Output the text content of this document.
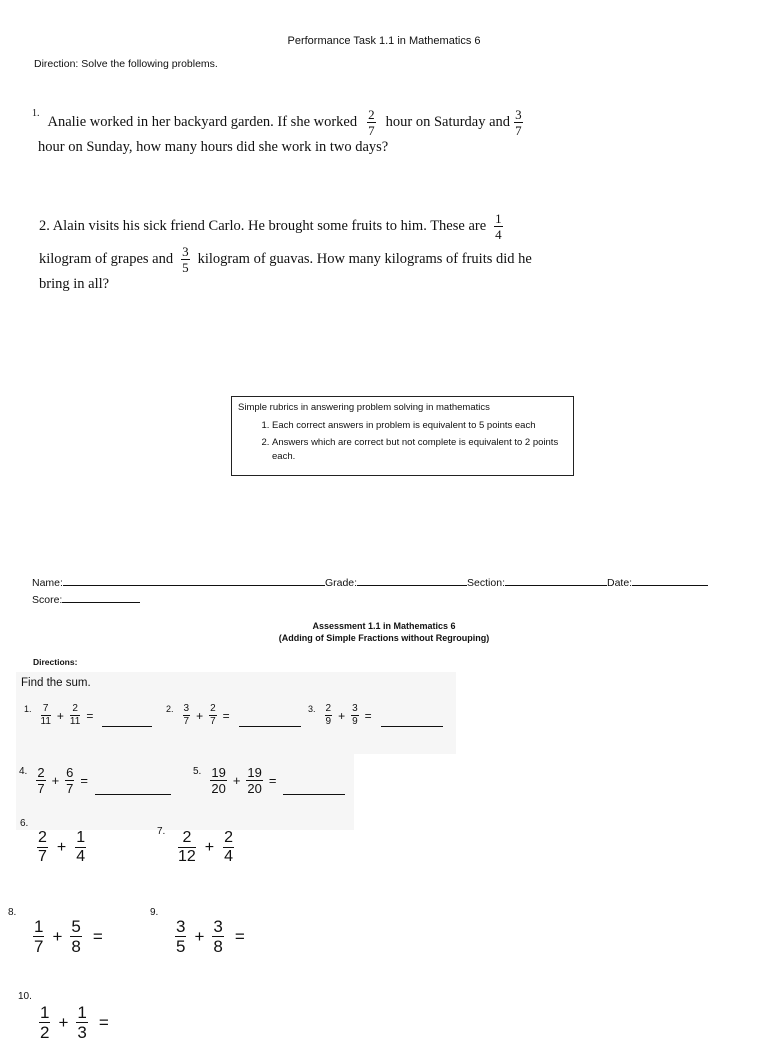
Performance Task 1.1 in Mathematics 6
Direction: Solve the following problems.
1.
Analie worked in her backyard garden. If she worked $\frac{2}{7}$ hour on Saturday and $\frac{3}{7}$
hour on Sunday, how many hours did she work in two days?
2. Alain visits his sick friend Carlo. He brought some fruits to him. These are $\frac{1}{4}$
kilogram of grapes and $\frac{3}{5}$ kilogram of guavas. How many kilograms of fruits did he
bring in all?
Simple rubrics in answering problem solving in mathematics
1. Each correct answers in problem is equivalent to 5 points each
2. Answers which are correct but not complete is equivalent to 2 points each.
Name:	Grade:	Section:	Date:
Score:
Assessment 1.1 in Mathematics 6
(Adding of Simple Fractions without Regrouping)
Directions:
Find the sum.
1. $\frac{7}{11} + \frac{2}{11}$ =	2. $\frac{3}{7} + \frac{2}{7}$ =	3. $\frac{2}{9} + \frac{3}{9}$ =
4. $\frac{2}{7} + \frac{6}{7}$ =
5. $\frac{19}{20} + \frac{19}{20}$ =
6.
$\frac{2}{7} + \frac{1}{4}$	7. $\frac{2}{12} + \frac{2}{4}$
8.
$\frac{1}{7} + \frac{5}{8}$ =
9.
$\frac{3}{5} + \frac{3}{8}$ =
10.
$\frac{1}{2} + \frac{1}{3}$ =
